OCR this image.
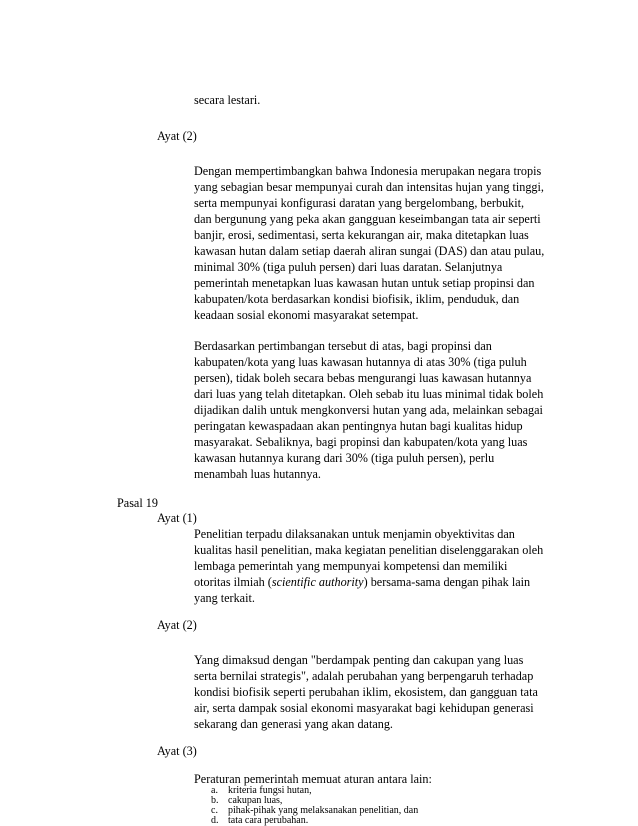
secara lestari.
Ayat (2)
Dengan mempertimbangkan bahwa Indonesia merupakan negara tropis
yang sebagian besar mempunyai curah dan intensitas hujan yang tinggi,
serta mempunyai konfigurasi daratan yang bergelombang, berbukit,
dan bergunung yang peka akan gangguan keseimbangan tata air seperti
banjir, erosi, sedimentasi, serta kekurangan air, maka ditetapkan luas
kawasan hutan dalam setiap daerah aliran sungai (DAS) dan atau pulau,
minimal 30% (tiga puluh persen) dari luas daratan. Selanjutnya
pemerintah menetapkan luas kawasan hutan untuk setiap propinsi dan
kabupaten/kota berdasarkan kondisi biofisik, iklim, penduduk, dan
keadaan sosial ekonomi masyarakat setempat.
Berdasarkan pertimbangan tersebut di atas, bagi propinsi dan
kabupaten/kota yang luas kawasan hutannya di atas 30% (tiga puluh
persen), tidak boleh secara bebas mengurangi luas kawasan hutannya
dari luas yang telah ditetapkan. Oleh sebab itu luas minimal tidak boleh
dijadikan dalih untuk mengkonversi hutan yang ada, melainkan sebagai
peringatan kewaspadaan akan pentingnya hutan bagi kualitas hidup
masyarakat. Sebaliknya, bagi propinsi dan kabupaten/kota yang luas
kawasan hutannya kurang dari 30% (tiga puluh persen), perlu
menambah luas hutannya.
Pasal 19
Ayat (1)
Penelitian terpadu dilaksanakan untuk menjamin obyektivitas dan
kualitas hasil penelitian, maka kegiatan penelitian diselenggarakan oleh
lembaga pemerintah yang mempunyai kompetensi dan memiliki
otoritas ilmiah (scientific authority) bersama-sama dengan pihak lain
yang terkait.
Ayat (2)
Yang dimaksud dengan "berdampak penting dan cakupan yang luas
serta bernilai strategis", adalah perubahan yang berpengaruh terhadap
kondisi biofisik seperti perubahan iklim, ekosistem, dan gangguan tata
air, serta dampak sosial ekonomi masyarakat bagi kehidupan generasi
sekarang dan generasi yang akan datang.
Ayat (3)
Peraturan pemerintah memuat aturan antara lain:
a. kriteria fungsi hutan,
b. cakupan luas,
c. pihak-pihak yang melaksanakan penelitian, dan
d. tata cara perubahan.
